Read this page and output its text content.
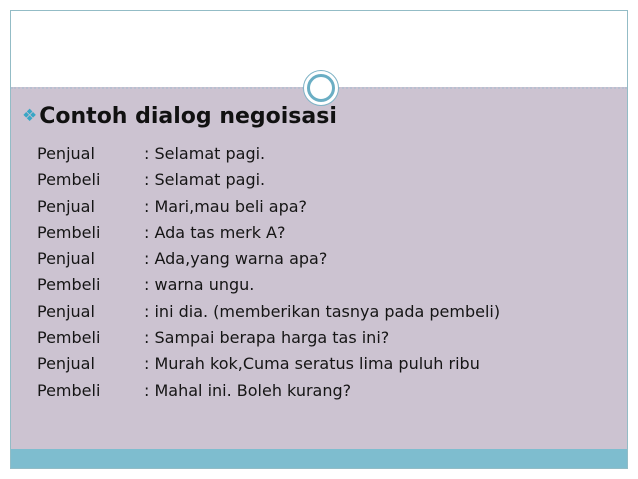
❖Contoh dialog negoisasi
Penjual	: Selamat pagi.
Pembeli	: Selamat pagi.
Penjual	: Mari,mau beli apa?
Pembeli	: Ada tas merk A?
Penjual	: Ada,yang warna apa?
Pembeli	: warna ungu.
Penjual	: ini dia. (memberikan tasnya pada pembeli)
Pembeli	: Sampai berapa harga tas ini?
Penjual	: Murah kok,Cuma seratus lima puluh ribu
Pembeli	: Mahal ini. Boleh kurang?
